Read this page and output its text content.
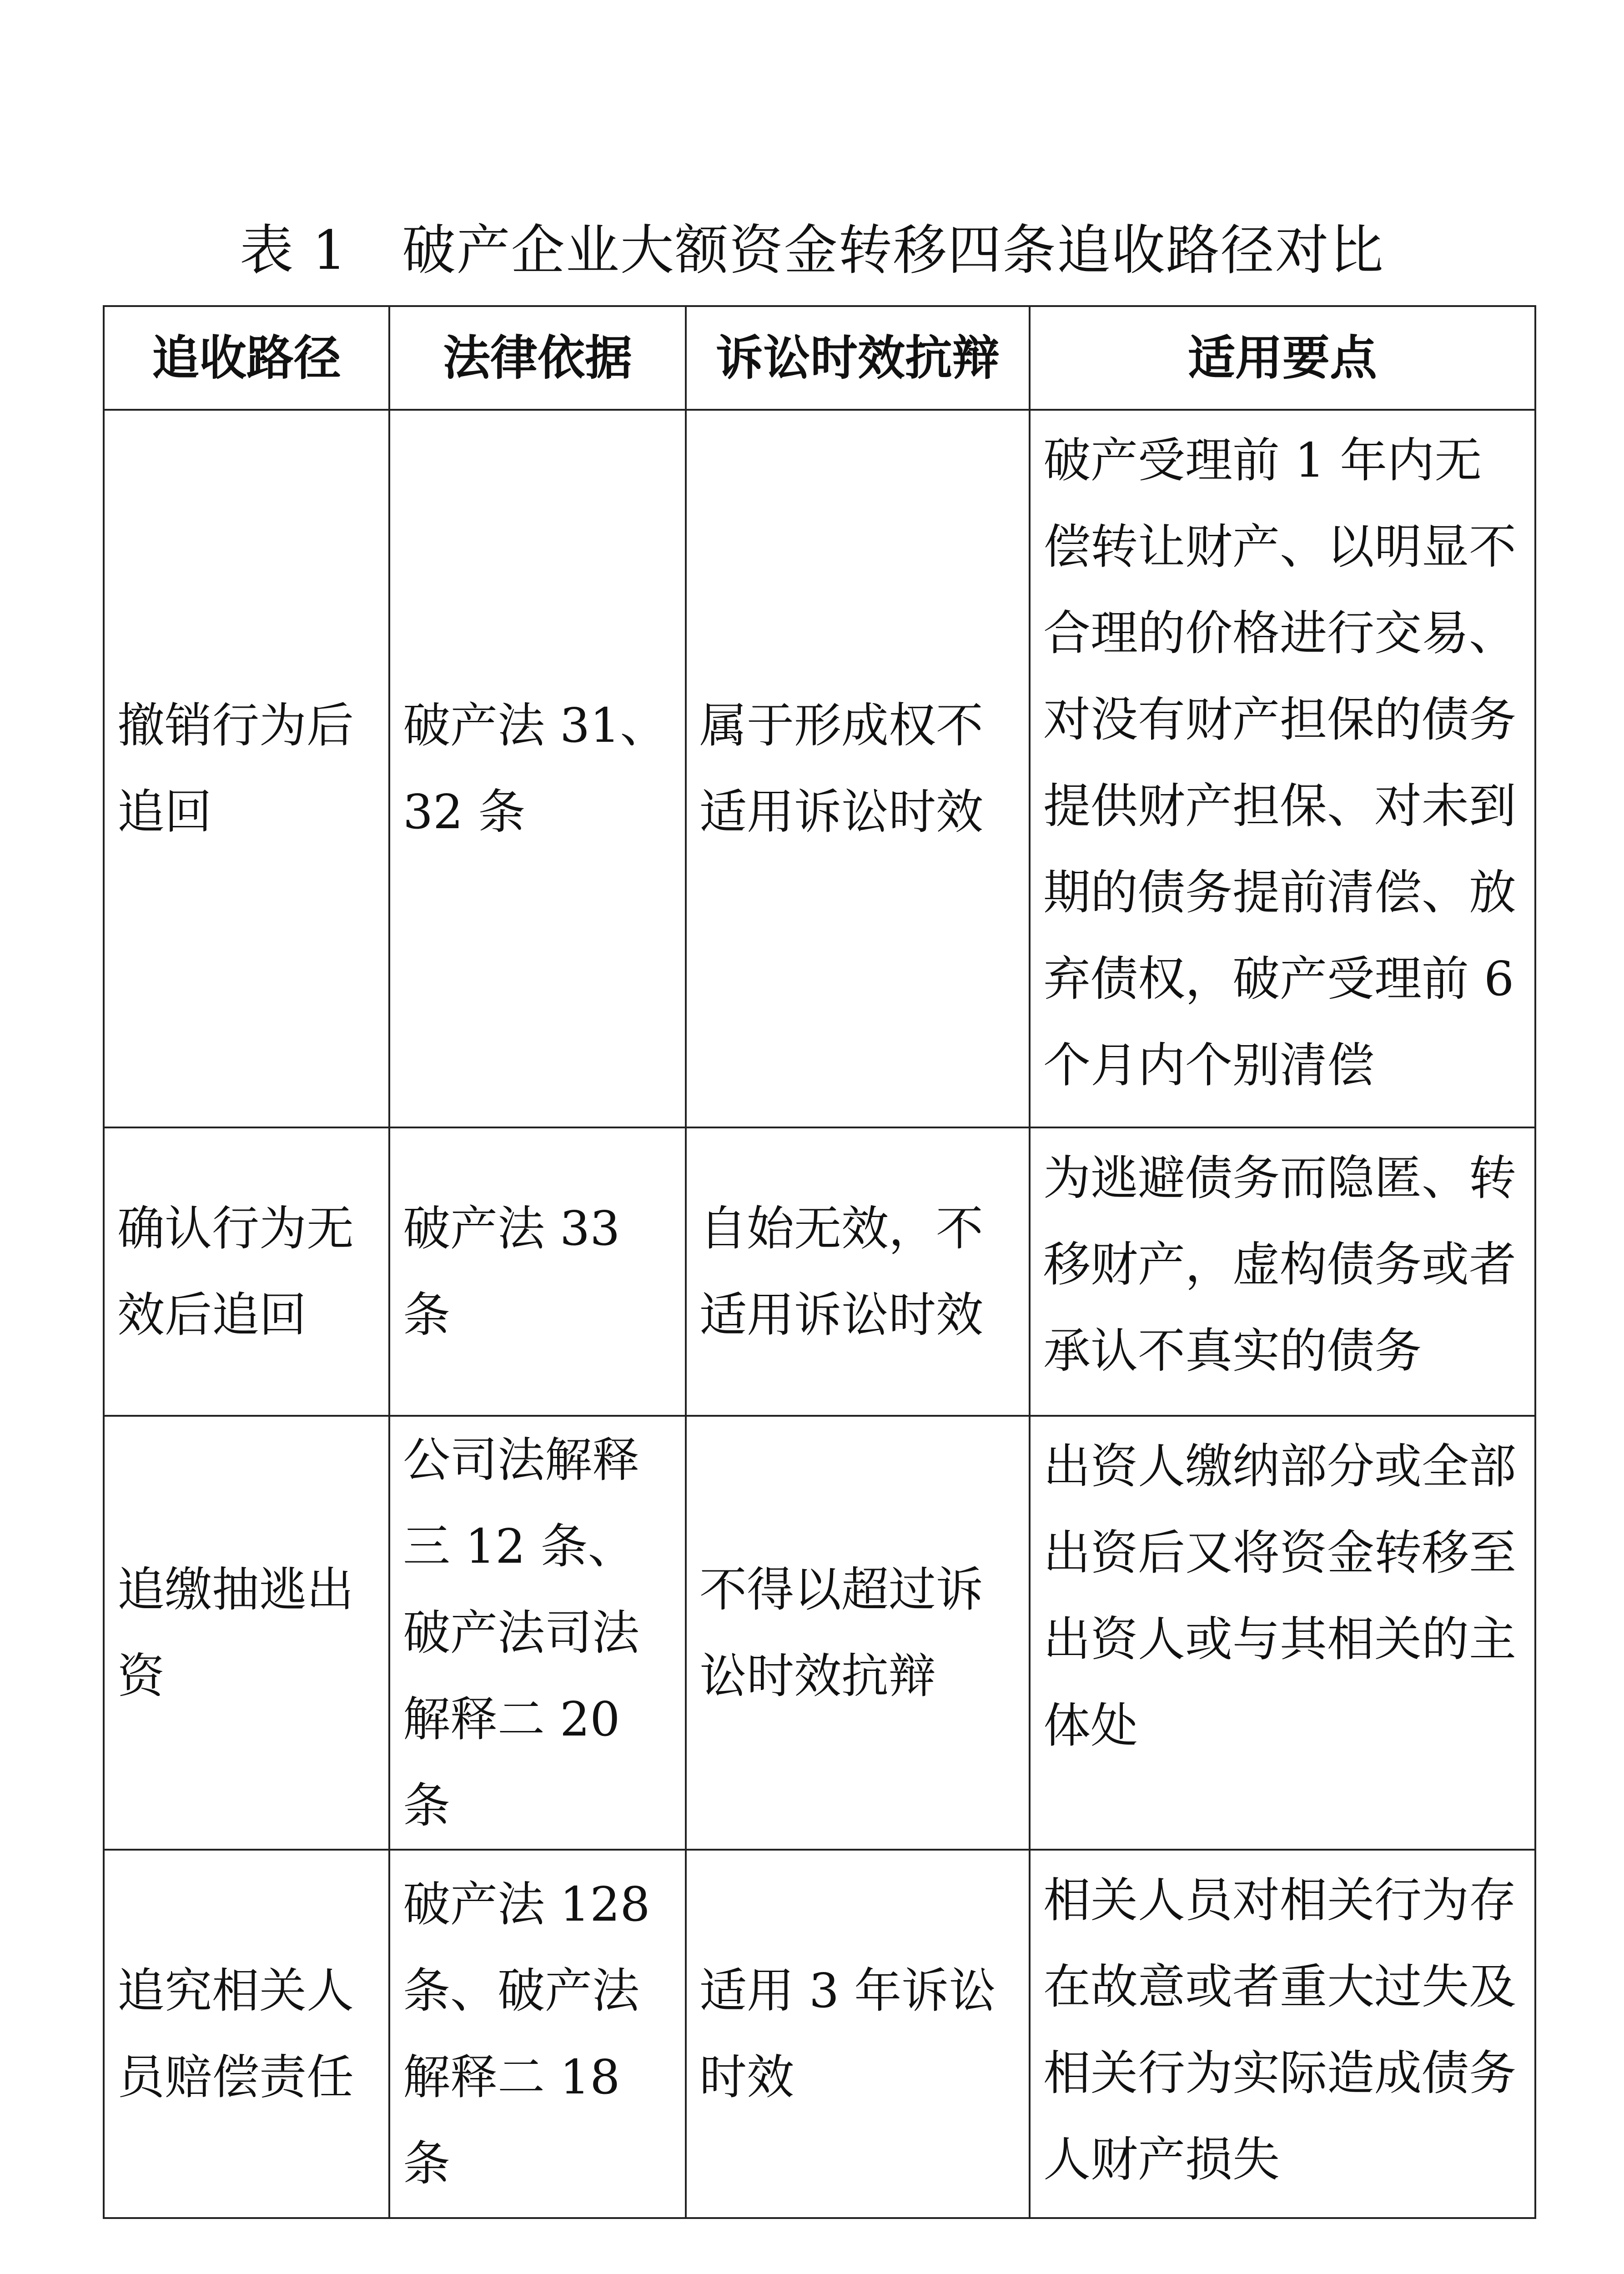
表 1　破产企业大额资金转移四条追收路径对比
追收路径	法律依据	诉讼时效抗辩	适用要点
撤销行为后追回	破产法 31、32 条	属于形成权不适用诉讼时效	破产受理前 1 年内无偿转让财产、以明显不合理的价格进行交易、对没有财产担保的债务提供财产担保、对未到期的债务提前清偿、放弃债权，破产受理前 6 个月内个别清偿
确认行为无效后追回	破产法 33 条	自始无效，不适用诉讼时效	为逃避债务而隐匿、转移财产，虚构债务或者承认不真实的债务
追缴抽逃出资	公司法解释三 12 条、破产法司法解释二 20 条	不得以超过诉讼时效抗辩	出资人缴纳部分或全部出资后又将资金转移至出资人或与其相关的主体处
追究相关人员赔偿责任	破产法 128 条、破产法解释二 18 条	适用 3 年诉讼时效	相关人员对相关行为存在故意或者重大过失及相关行为实际造成债务人财产损失
